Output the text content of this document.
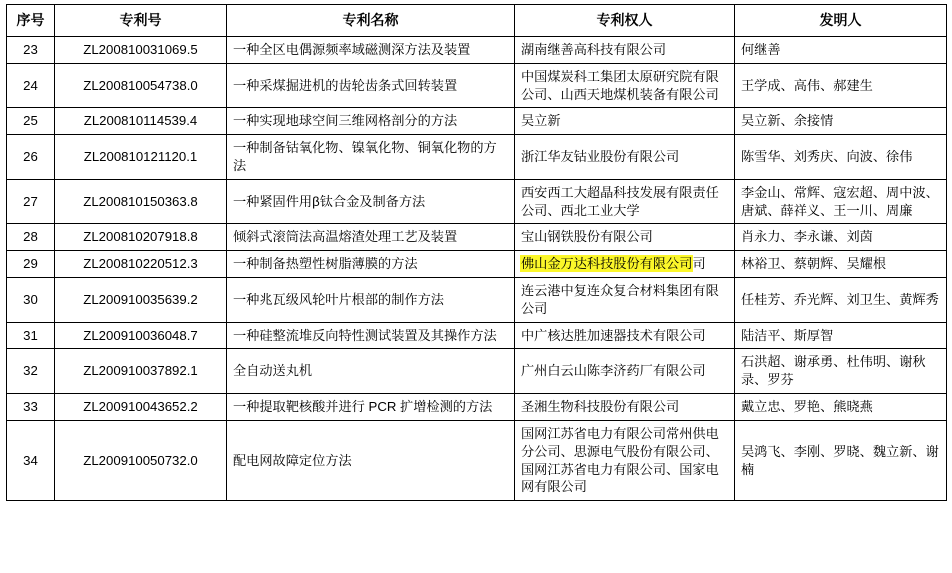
序号	专利号	专利名称	专利权人	发明人
23	ZL200810031069.5	一种全区电偶源频率域磁测深方法及装置	湖南继善高科技有限公司	何继善
24	ZL200810054738.0	一种采煤掘进机的齿轮齿条式回转装置	中国煤炭科工集团太原研究院有限公司、山西天地煤机装备有限公司	王学成、高伟、郝建生
25	ZL200810114539.4	一种实现地球空间三维网格剖分的方法	吴立新	吴立新、余接情
26	ZL200810121120.1	一种制备钴氧化物、镍氧化物、铜氧化物的方法	浙江华友钴业股份有限公司	陈雪华、刘秀庆、向波、徐伟
27	ZL200810150363.8	一种紧固件用β钛合金及制备方法	西安西工大超晶科技发展有限责任公司、西北工业大学	李金山、常辉、寇宏超、周中波、唐斌、薛祥义、王一川、周廉
28	ZL200810207918.8	倾斜式滚筒法高温熔渣处理工艺及装置	宝山钢铁股份有限公司	肖永力、李永谦、刘茵
29	ZL200810220512.3	一种制备热塑性树脂薄膜的方法	佛山金万达科技股份有限公司司	林裕卫、蔡朝辉、吴耀根
30	ZL200910035639.2	一种兆瓦级风轮叶片根部的制作方法	连云港中复连众复合材料集团有限公司	任桂芳、乔光辉、刘卫生、黄辉秀
31	ZL200910036048.7	一种硅整流堆反向特性测试装置及其操作方法	中广核达胜加速器技术有限公司	陆洁平、斯厚智
32	ZL200910037892.1	全自动送丸机	广州白云山陈李济药厂有限公司	石洪超、谢承勇、杜伟明、谢秋录、罗芬
33	ZL200910043652.2	一种提取靶核酸并进行 PCR 扩增检测的方法	圣湘生物科技股份有限公司	戴立忠、罗艳、熊晓燕
34	ZL200910050732.0	配电网故障定位方法	国网江苏省电力有限公司常州供电分公司、思源电气股份有限公司、国网江苏省电力有限公司、国家电网有限公司	吴鸿飞、李刚、罗晓、魏立新、谢楠
